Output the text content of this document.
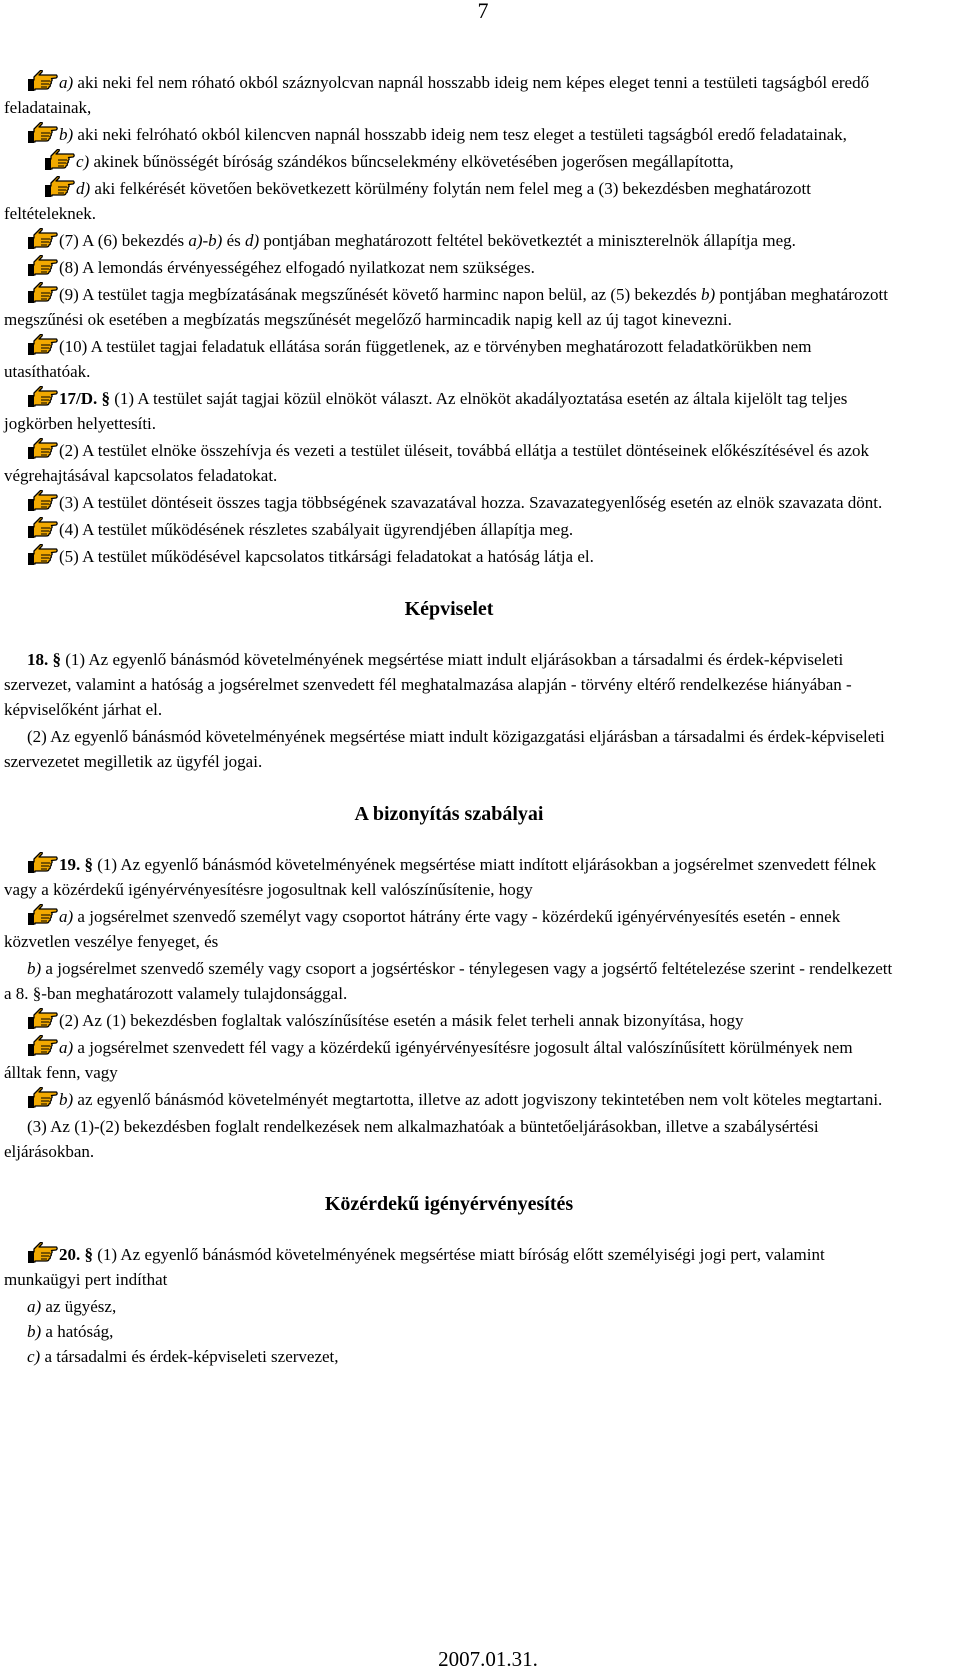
7

a) aki neki fel nem róható okból száznyolcvan napnál hosszabb ideig nem képes eleget tenni a testületi tagságból eredő feladatainak,

b) aki neki felróható okból kilencven napnál hosszabb ideig nem tesz eleget a testületi tagságból eredő feladatainak,

c) akinek bűnösségét bíróság szándékos bűncselekmény elkövetésében jogerősen megállapította,

d) aki felkérését követően bekövetkezett körülmény folytán nem felel meg a (3) bekezdésben meghatározott feltételeknek.

(7) A (6) bekezdés a)-b) és d) pontjában meghatározott feltétel bekövetkeztét a miniszterelnök állapítja meg.

(8) A lemondás érvényességéhez elfogadó nyilatkozat nem szükséges.

(9) A testület tagja megbízatásának megszűnését követő harminc napon belül, az (5) bekezdés b) pontjában meghatározott megszűnési ok esetében a megbízatás megszűnését megelőző harmincadik napig kell az új tagot kinevezni.

(10) A testület tagjai feladatuk ellátása során függetlenek, az e törvényben meghatározott feladatkörükben nem utasíthatóak.

17/D. § (1) A testület saját tagjai közül elnököt választ. Az elnököt akadályoztatása esetén az általa kijelölt tag teljes jogkörben helyettesíti.

(2) A testület elnöke összehívja és vezeti a testület üléseit, továbbá ellátja a testület döntéseinek előkészítésével és azok végrehajtásával kapcsolatos feladatokat.

(3) A testület döntéseit összes tagja többségének szavazatával hozza. Szavazategyenlőség esetén az elnök szavazata dönt.

(4) A testület működésének részletes szabályait ügyrendjében állapítja meg.

(5) A testület működésével kapcsolatos titkársági feladatokat a hatóság látja el.

Képviselet

18. § (1) Az egyenlő bánásmód követelményének megsértése miatt indult eljárásokban a társadalmi és érdek-képviseleti szervezet, valamint a hatóság a jogsérelmet szenvedett fél meghatalmazása alapján - törvény eltérő rendelkezése hiányában - képviselőként járhat el.

(2) Az egyenlő bánásmód követelményének megsértése miatt indult közigazgatási eljárásban a társadalmi és érdek-képviseleti szervezetet megilletik az ügyfél jogai.

A bizonyítás szabályai

19. § (1) Az egyenlő bánásmód követelményének megsértése miatt indított eljárásokban a jogsérelmet szenvedett félnek vagy a közérdekű igényérvényesítésre jogosultnak kell valószínűsítenie, hogy

a) a jogsérelmet szenvedő személyt vagy csoportot hátrány érte vagy - közérdekű igényérvényesítés esetén - ennek közvetlen veszélye fenyeget, és

b) a jogsérelmet szenvedő személy vagy csoport a jogsértéskor - ténylegesen vagy a jogsértő feltételezése szerint - rendelkezett a 8. §-ban meghatározott valamely tulajdonsággal.

(2) Az (1) bekezdésben foglaltak valószínűsítése esetén a másik felet terheli annak bizonyítása, hogy

a) a jogsérelmet szenvedett fél vagy a közérdekű igényérvényesítésre jogosult által valószínűsített körülmények nem álltak fenn, vagy

b) az egyenlő bánásmód követelményét megtartotta, illetve az adott jogviszony tekintetében nem volt köteles megtartani.

(3) Az (1)-(2) bekezdésben foglalt rendelkezések nem alkalmazhatóak a büntetőeljárásokban, illetve a szabálysértési eljárásokban.

Közérdekű igényérvényesítés

20. § (1) Az egyenlő bánásmód követelményének megsértése miatt bíróság előtt személyiségi jogi pert, valamint munkaügyi pert indíthat

a) az ügyész,

b) a hatóság,

c) a társadalmi és érdek-képviseleti szervezet,

2007.01.31.
